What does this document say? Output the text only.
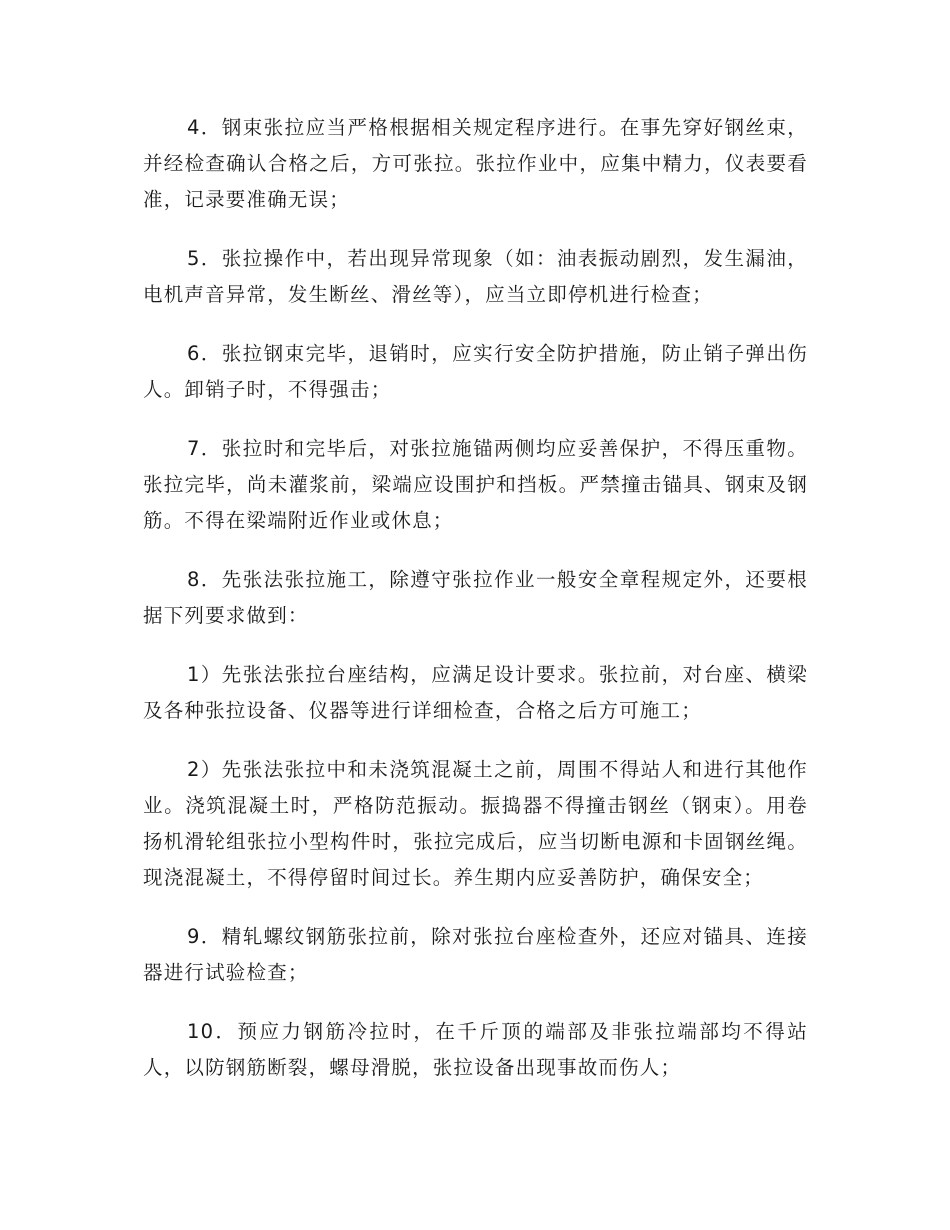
4．钢束张拉应当严格根据相关规定程序进行。在事先穿好钢丝束，并经检查确认合格之后，方可张拉。张拉作业中，应集中精力，仪表要看准，记录要准确无误；

5．张拉操作中，若出现异常现象（如：油表振动剧烈，发生漏油，电机声音异常，发生断丝、滑丝等），应当立即停机进行检查；

6．张拉钢束完毕，退销时，应实行安全防护措施，防止销子弹出伤人。卸销子时，不得强击；

7．张拉时和完毕后，对张拉施锚两侧均应妥善保护，不得压重物。张拉完毕，尚未灌浆前，梁端应设围护和挡板。严禁撞击锚具、钢束及钢筋。不得在梁端附近作业或休息；

8．先张法张拉施工，除遵守张拉作业一般安全章程规定外，还要根据下列要求做到：

1）先张法张拉台座结构，应满足设计要求。张拉前，对台座、横梁及各种张拉设备、仪器等进行详细检查，合格之后方可施工；

2）先张法张拉中和未浇筑混凝土之前，周围不得站人和进行其他作业。浇筑混凝土时，严格防范振动。振捣器不得撞击钢丝（钢束）。用卷扬机滑轮组张拉小型构件时，张拉完成后，应当切断电源和卡固钢丝绳。现浇混凝土，不得停留时间过长。养生期内应妥善防护，确保安全；

9．精轧螺纹钢筋张拉前，除对张拉台座检查外，还应对锚具、连接器进行试验检查；

10．预应力钢筋冷拉时，在千斤顶的端部及非张拉端部均不得站人，以防钢筋断裂，螺母滑脱，张拉设备出现事故而伤人；
